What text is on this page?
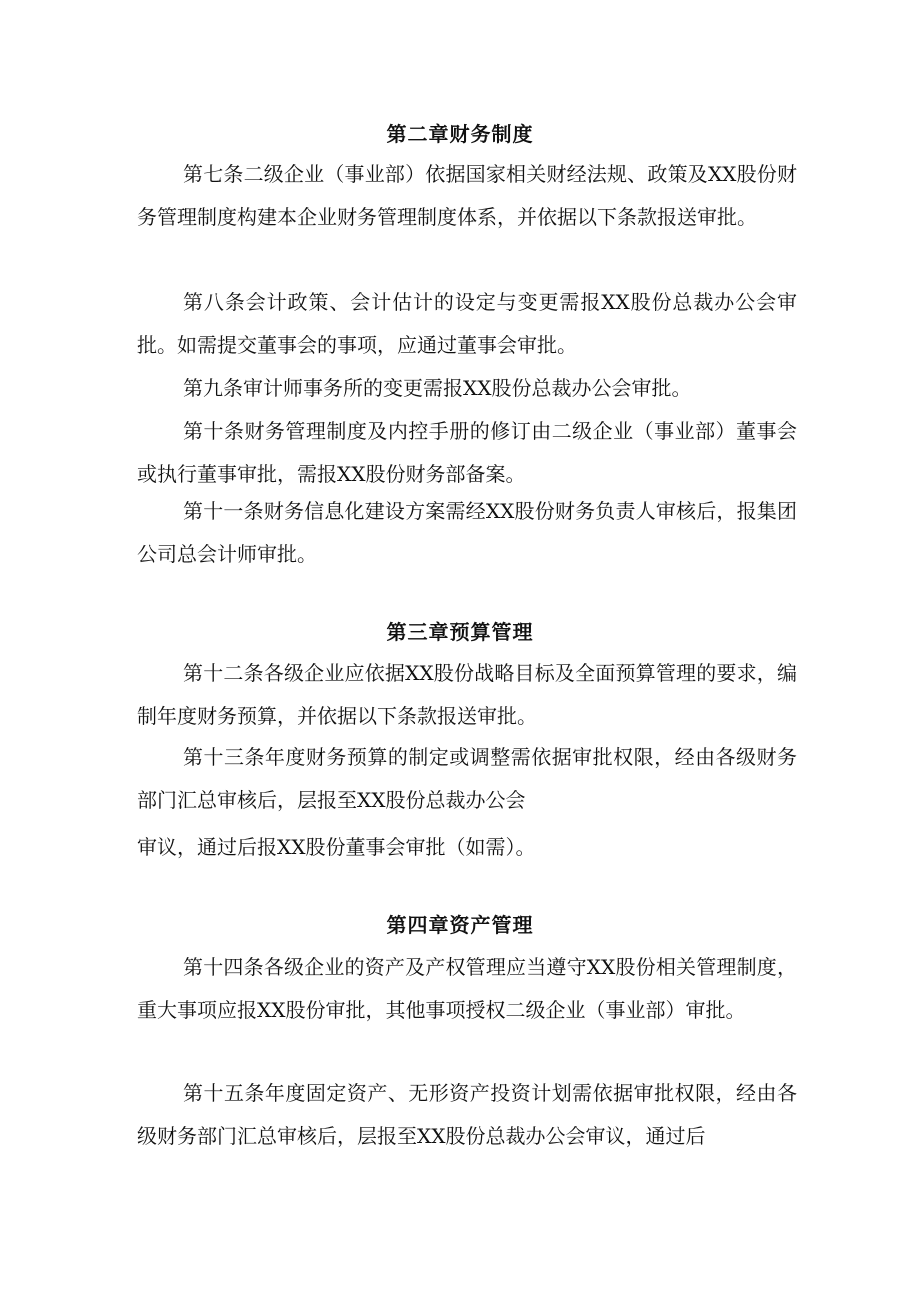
第二章财务制度

第七条二级企业（事业部）依据国家相关财经法规、政策及XX股份财务管理制度构建本企业财务管理制度体系，并依据以下条款报送审批。

第八条会计政策、会计估计的设定与变更需报XX股份总裁办公会审批。如需提交董事会的事项，应通过董事会审批。

第九条审计师事务所的变更需报XX股份总裁办公会审批。

第十条财务管理制度及内控手册的修订由二级企业（事业部）董事会或执行董事审批，需报XX股份财务部备案。

第十一条财务信息化建设方案需经XX股份财务负责人审核后，报集团公司总会计师审批。

第三章预算管理

第十二条各级企业应依据XX股份战略目标及全面预算管理的要求，编制年度财务预算，并依据以下条款报送审批。

第十三条年度财务预算的制定或调整需依据审批权限，经由各级财务部门汇总审核后，层报至XX股份总裁办公会

审议，通过后报XX股份董事会审批（如需）。

第四章资产管理

第十四条各级企业的资产及产权管理应当遵守XX股份相关管理制度，重大事项应报XX股份审批，其他事项授权二级企业（事业部）审批。

第十五条年度固定资产、无形资产投资计划需依据审批权限，经由各级财务部门汇总审核后，层报至XX股份总裁办公会审议，通过后
